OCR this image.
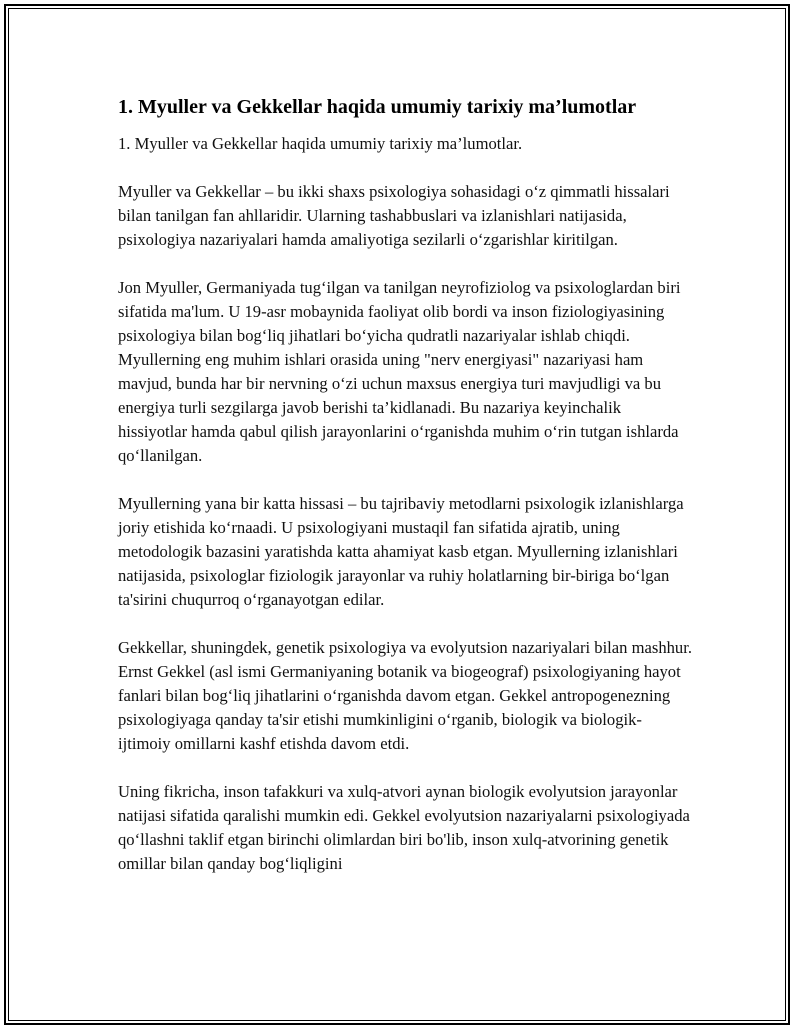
1. Myuller va Gekkellar haqida umumiy tarixiy ma’lumotlar

1. Myuller va Gekkellar haqida umumiy tarixiy ma’lumotlar.

Myuller va Gekkellar – bu ikki shaxs psixologiya sohasidagi o‘z qimmatli hissalari bilan tanilgan fan ahllaridir. Ularning tashabbuslari va izlanishlari natijasida, psixologiya nazariyalari hamda amaliyotiga sezilarli o‘zgarishlar kiritilgan.

Jon Myuller, Germaniyada tug‘ilgan va tanilgan neyrofiziolog va psixologlardan biri sifatida ma'lum. U 19-asr mobaynida faoliyat olib bordi va inson fiziologiyasining psixologiya bilan bog‘liq jihatlari bo‘yicha qudratli nazariyalar ishlab chiqdi. Myullerning eng muhim ishlari orasida uning "nerv energiyasi" nazariyasi ham mavjud, bunda har bir nervning o‘zi uchun maxsus energiya turi mavjudligi va bu energiya turli sezgilarga javob berishi ta’kidlanadi. Bu nazariya keyinchalik hissiyotlar hamda qabul qilish jarayonlarini o‘rganishda muhim o‘rin tutgan ishlarda qo‘llanilgan.

Myullerning yana bir katta hissasi – bu tajribaviy metodlarni psixologik izlanishlarga joriy etishida ko‘rnaadi. U psixologiyani mustaqil fan sifatida ajratib, uning metodologik bazasini yaratishda katta ahamiyat kasb etgan. Myullerning izlanishlari natijasida, psixologlar fiziologik jarayonlar va ruhiy holatlarning bir-biriga bo‘lgan ta'sirini chuqurroq o‘rganayotgan edilar.

Gekkellar, shuningdek, genetik psixologiya va evolyutsion nazariyalari bilan mashhur. Ernst Gekkel (asl ismi Germaniyaning botanik va biogeograf) psixologiyaning hayot fanlari bilan bog‘liq jihatlarini o‘rganishda davom etgan. Gekkel antropogenezning psixologiyaga qanday ta'sir etishi mumkinligini o‘rganib, biologik va biologik-ijtimoiy omillarni kashf etishda davom etdi.

Uning fikricha, inson tafakkuri va xulq-atvori aynan biologik evolyutsion jarayonlar natijasi sifatida qaralishi mumkin edi. Gekkel evolyutsion nazariyalarni psixologiyada qo‘llashni taklif etgan birinchi olimlardan biri bo'lib, inson xulq-atvorining genetik omillar bilan qanday bog‘liqligini
